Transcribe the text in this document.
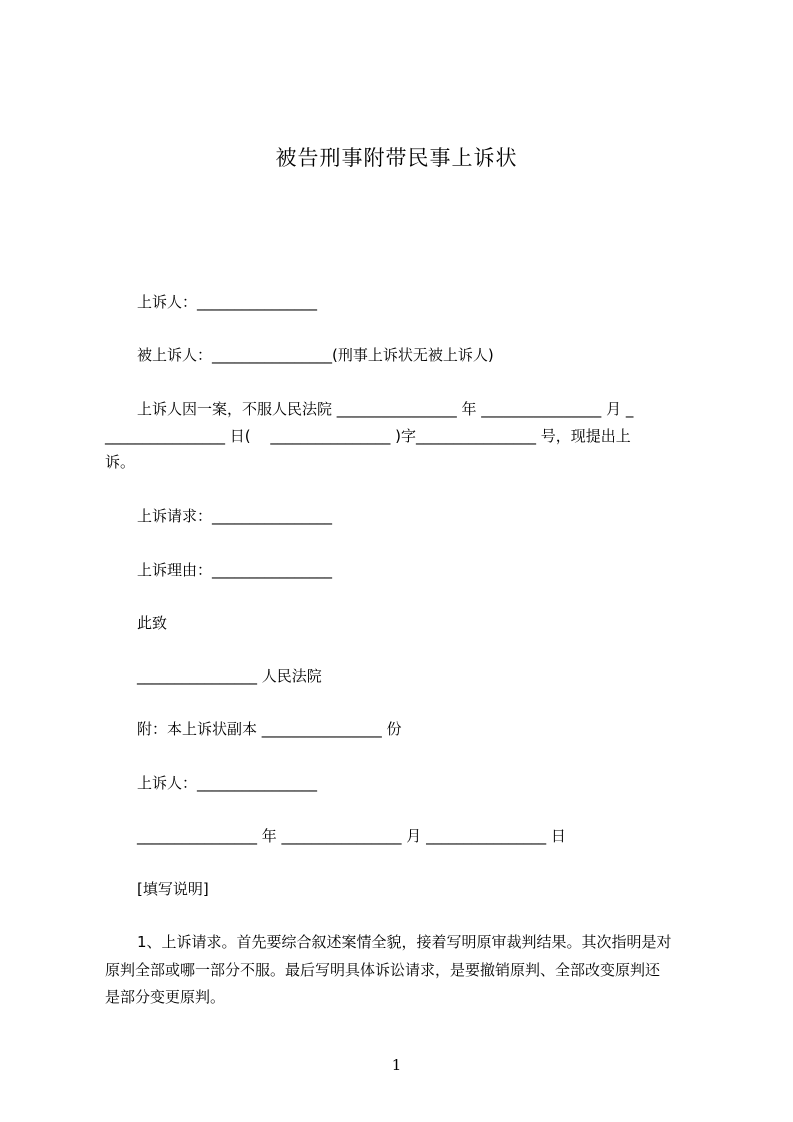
被告刑事附带民事上诉状
上诉人：________________
被上诉人：________________(刑事上诉状无被上诉人)
上诉人因一案，不服人民法院 ________________ 年 ________________ 月 _
________________ 日(　 ________________ )字________________ 号，现提出上
诉。
上诉请求：________________
上诉理由：________________
此致
________________ 人民法院
附：本上诉状副本 ________________ 份
上诉人：________________
________________ 年 ________________ 月 ________________ 日
[填写说明]
1、上诉请求。首先要综合叙述案情全貌，接着写明原审裁判结果。其次指明是对
原判全部或哪一部分不服。最后写明具体诉讼请求，是要撤销原判、全部改变原判还
是部分变更原判。
1
